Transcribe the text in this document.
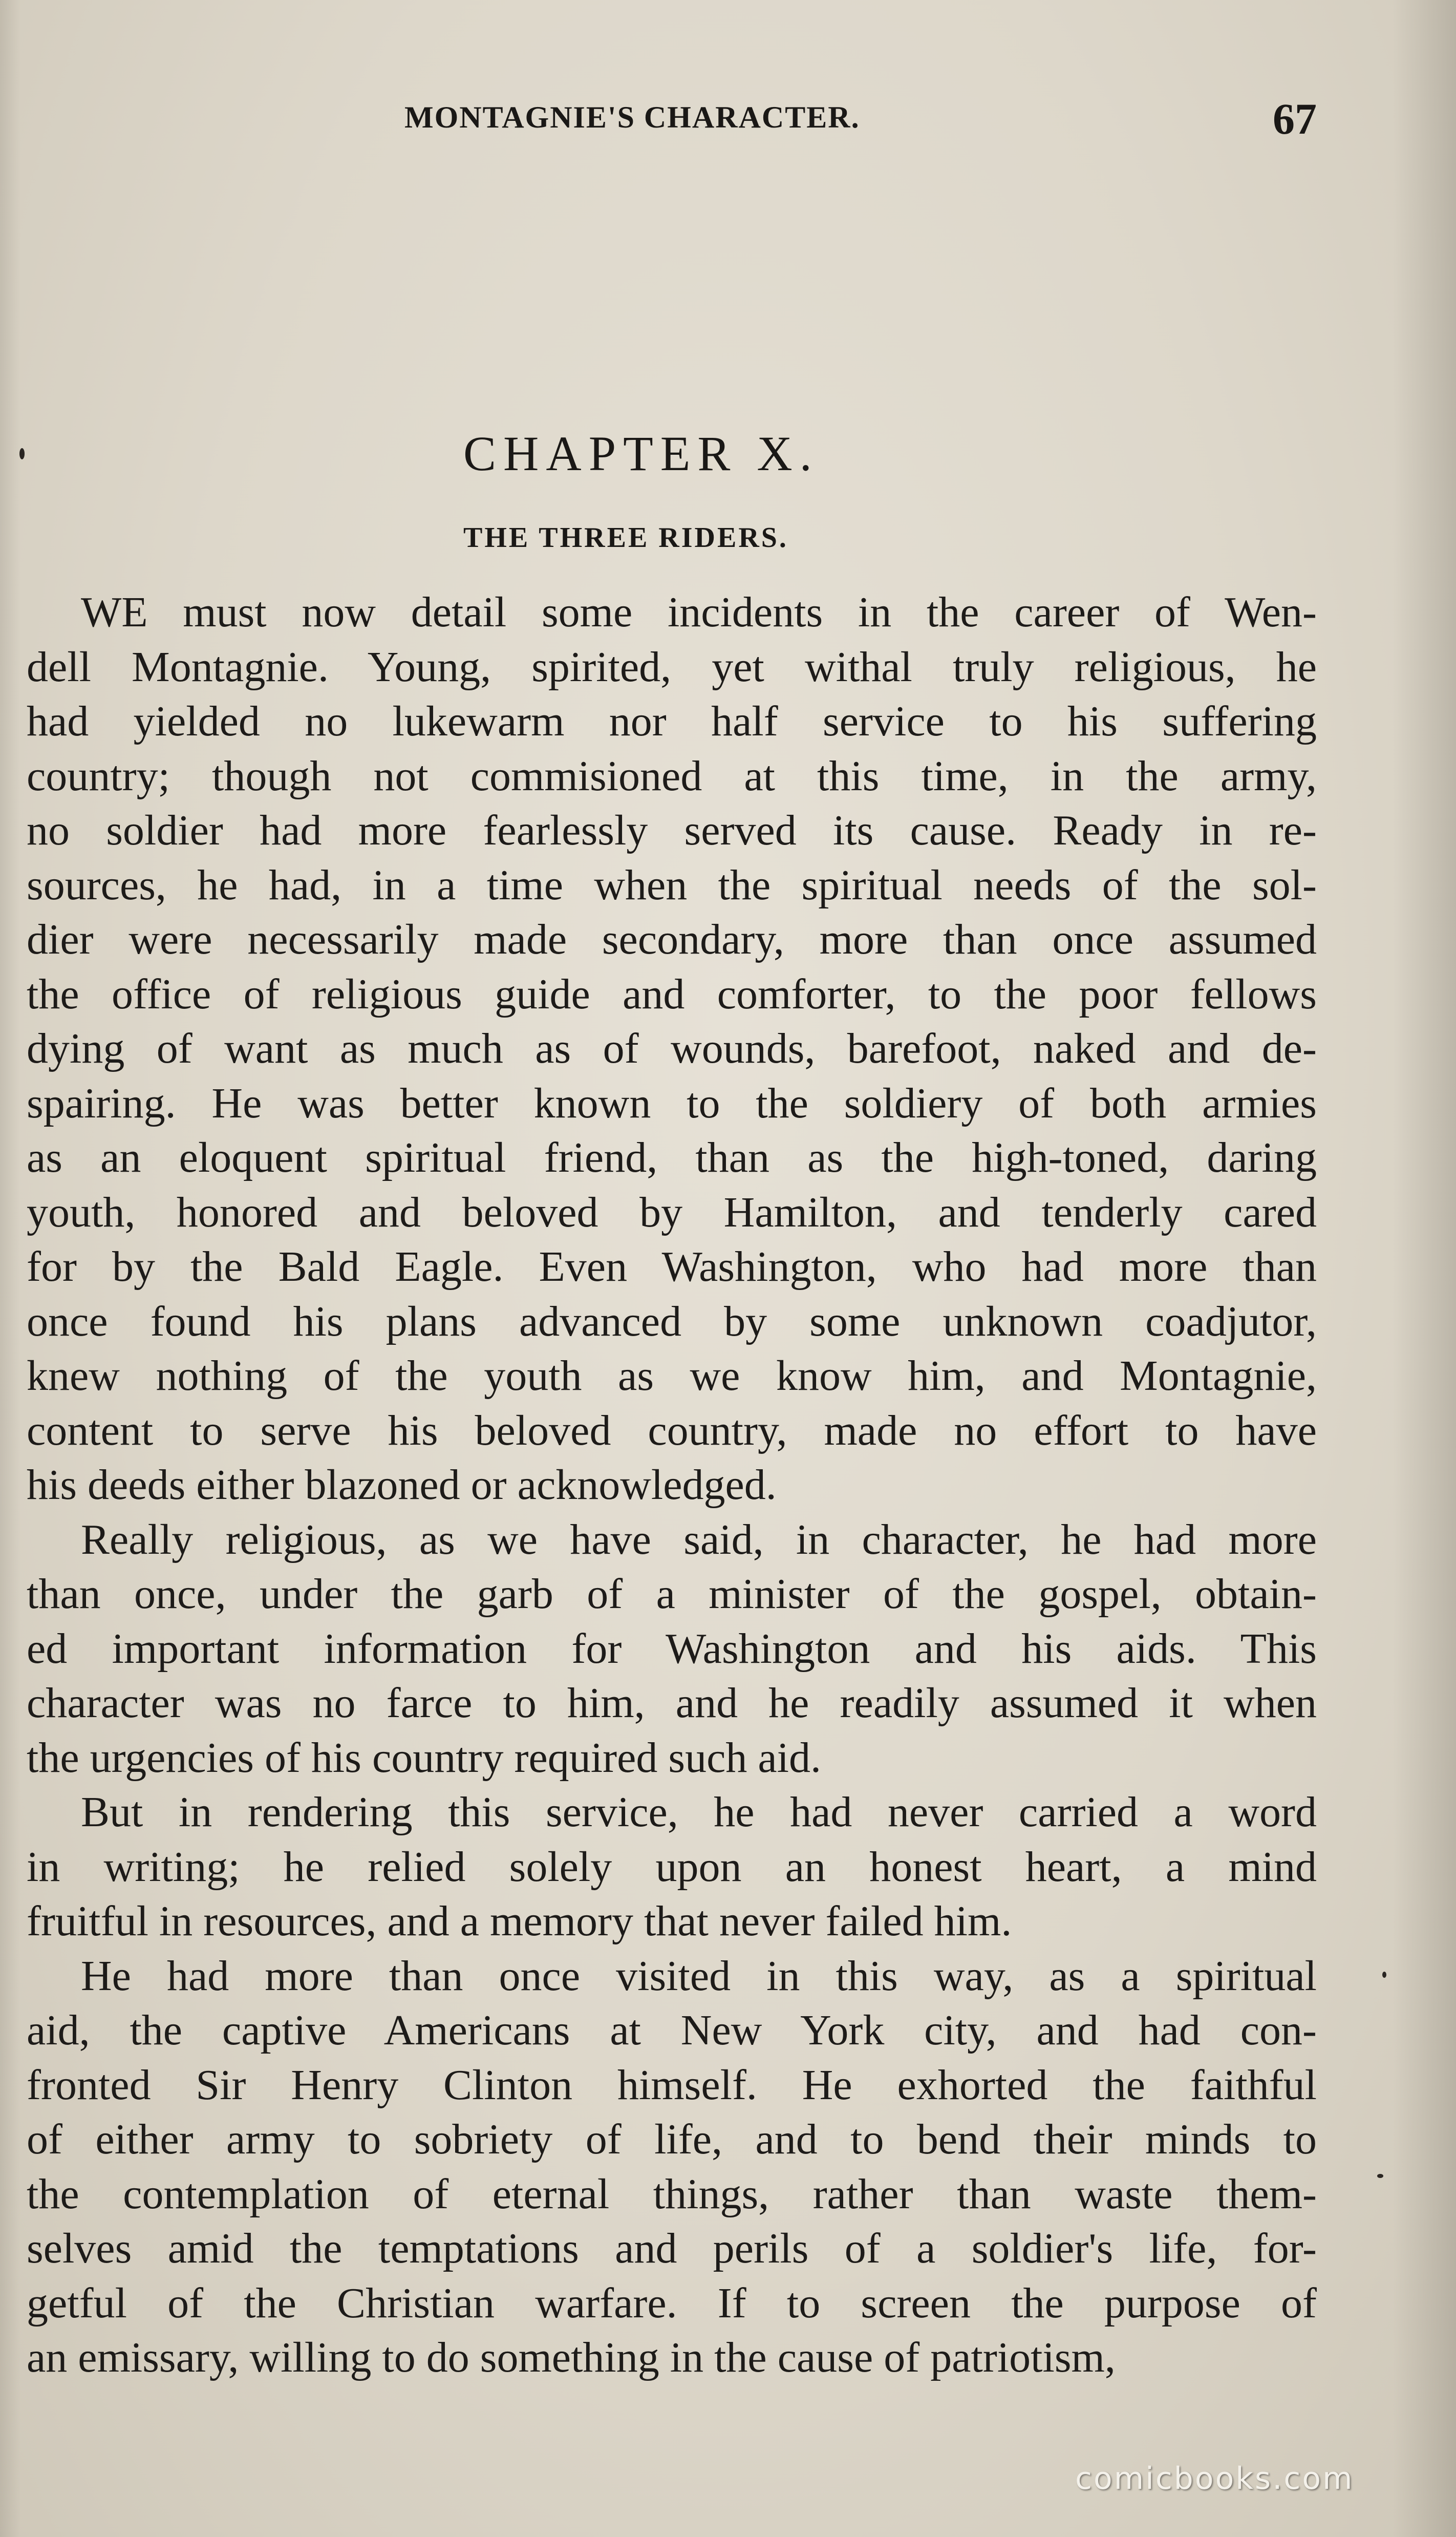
MONTAGNIE'S CHARACTER.	67
CHAPTER X.
THE THREE RIDERS.
WE must now detail some incidents in the career of Wen-
dell Montagnie. Young, spirited, yet withal truly religious, he
had yielded no lukewarm nor half service to his suffering
country; though not commisioned at this time, in the army,
no soldier had more fearlessly served its cause. Ready in re-
sources, he had, in a time when the spiritual needs of the sol-
dier were necessarily made secondary, more than once assumed
the office of religious guide and comforter, to the poor fellows
dying of want as much as of wounds, barefoot, naked and de-
spairing. He was better known to the soldiery of both armies
as an eloquent spiritual friend, than as the high-toned, daring
youth, honored and beloved by Hamilton, and tenderly cared
for by the Bald Eagle. Even Washington, who had more than
once found his plans advanced by some unknown coadjutor,
knew nothing of the youth as we know him, and Montagnie,
content to serve his beloved country, made no effort to have
his deeds either blazoned or acknowledged.
Really religious, as we have said, in character, he had more
than once, under the garb of a minister of the gospel, obtain-
ed important information for Washington and his aids. This
character was no farce to him, and he readily assumed it when
the urgencies of his country required such aid.
But in rendering this service, he had never carried a word
in writing; he relied solely upon an honest heart, a mind
fruitful in resources, and a memory that never failed him.
He had more than once visited in this way, as a spiritual
aid, the captive Americans at New York city, and had con-
fronted Sir Henry Clinton himself. He exhorted the faithful
of either army to sobriety of life, and to bend their minds to
the contemplation of eternal things, rather than waste them-
selves amid the temptations and perils of a soldier's life, for-
getful of the Christian warfare. If to screen the purpose of
an emissary, willing to do something in the cause of patriotism,
comicbooks.com
